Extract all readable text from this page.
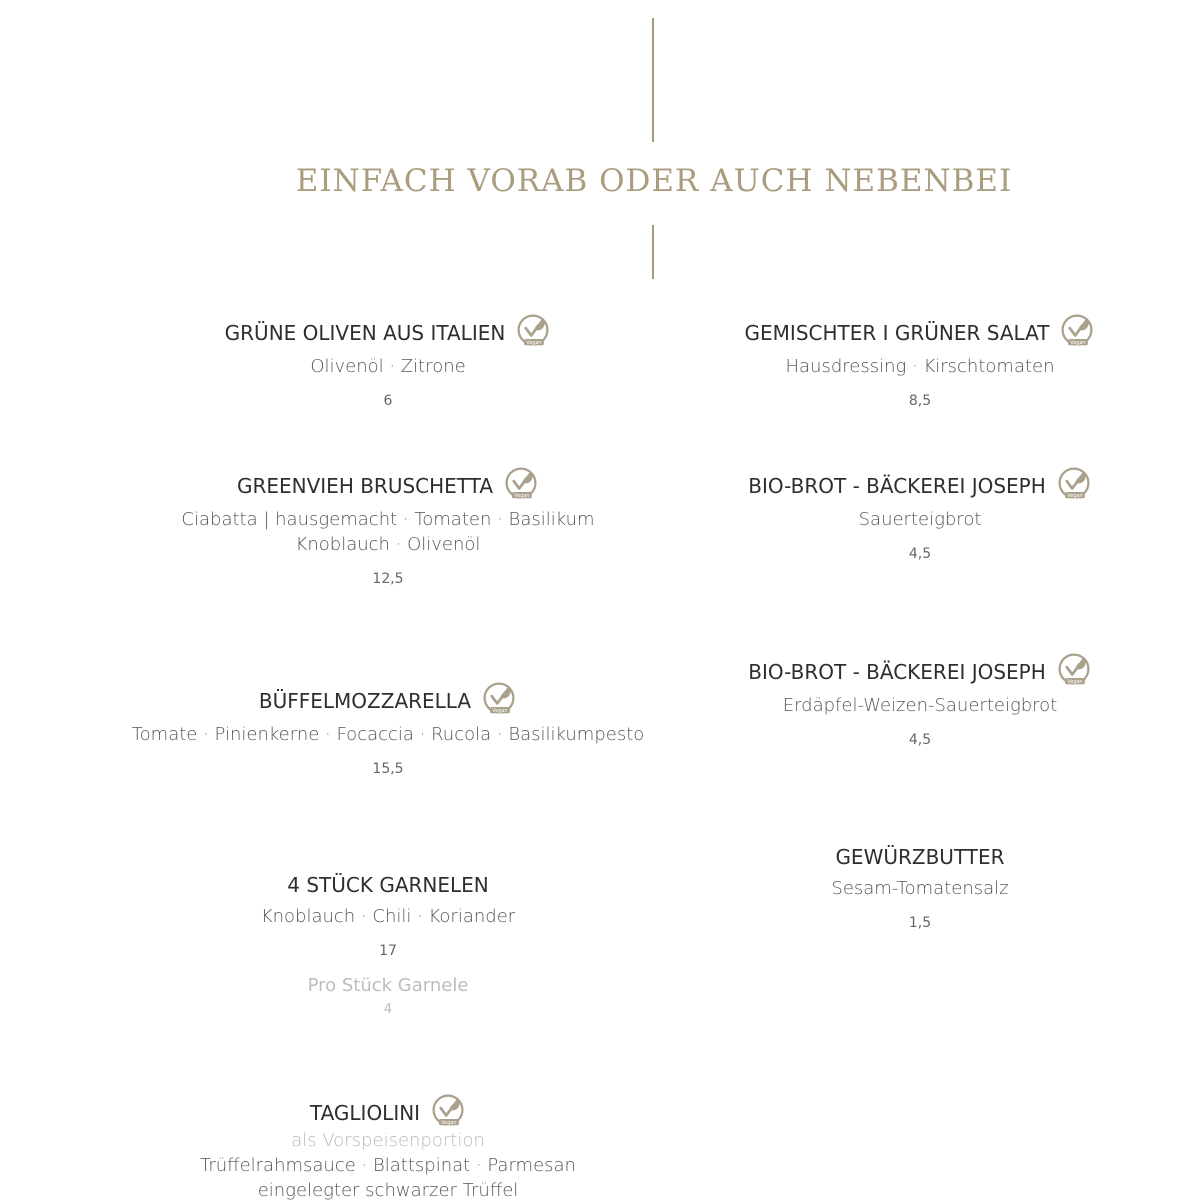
EINFACH VORAB ODER AUCH NEBENBEI
GRÜNE OLIVEN AUS ITALIEN	Vegan
Olivenöl · Zitrone
6
GREENVIEH BRUSCHETTA	Vegan
Ciabatta | hausgemacht · Tomaten · Basilikum
Knoblauch · Olivenöl
12,5
BÜFFELMOZZARELLA	Vegan
Tomate · Pinienkerne · Focaccia · Rucola · Basilikumpesto
15,5
4 STÜCK GARNELEN
Knoblauch · Chili · Koriander
17
Pro Stück Garnele
4
TAGLIOLINI	Vegan
als Vorspeisenportion
Trüffelrahmsauce · Blattspinat · Parmesan
eingelegter schwarzer Trüffel
GEMISCHTER I GRÜNER SALAT	Vegan
Hausdressing · Kirschtomaten
8,5
BIO-BROT - BÄCKEREI JOSEPH	Vegan
Sauerteigbrot
4,5
BIO-BROT - BÄCKEREI JOSEPH	Vegan
Erdäpfel-Weizen-Sauerteigbrot
4,5
GEWÜRZBUTTER
Sesam-Tomatensalz
1,5
